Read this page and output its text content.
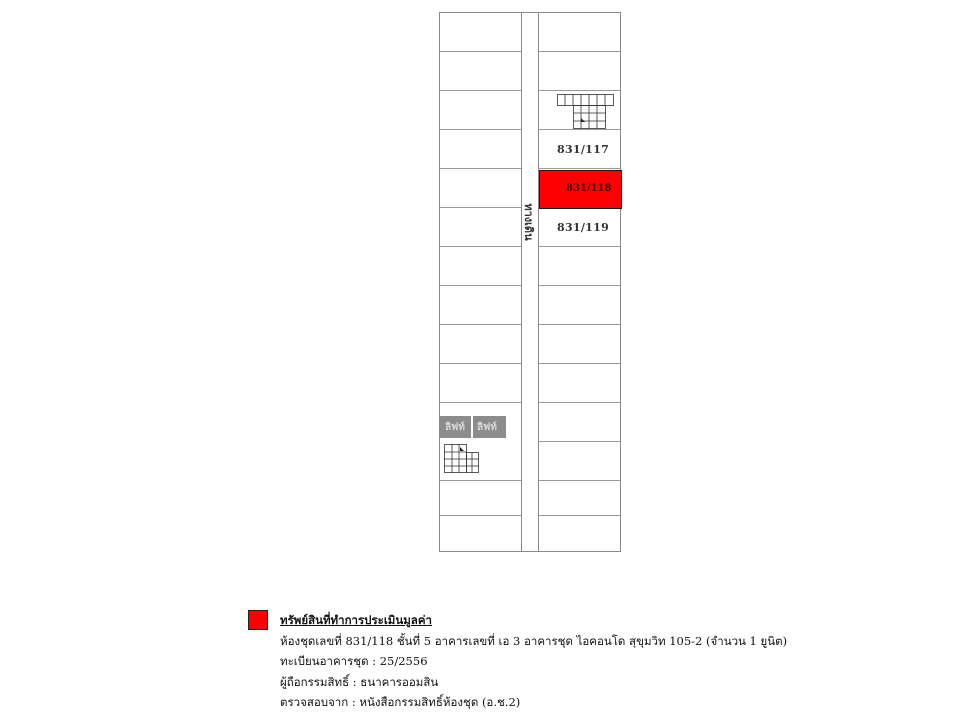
831/117
831/119
831/118
ทางเดิน
ลิฟท์ ลิฟท์
ทรัพย์สินที่ทำการประเมินมูลค่า
ห้องชุดเลขที่ 831/118 ชั้นที่ 5 อาคารเลขที่ เอ 3 อาคารชุด ไอคอนโด สุขุมวิท 105-2 (จำนวน 1 ยูนิต)
ทะเบียนอาคารชุด : 25/2556
ผู้ถือกรรมสิทธิ์ : ธนาคารออมสิน
ตรวจสอบจาก : หนังสือกรรมสิทธิ์ห้องชุด (อ.ช.2)
